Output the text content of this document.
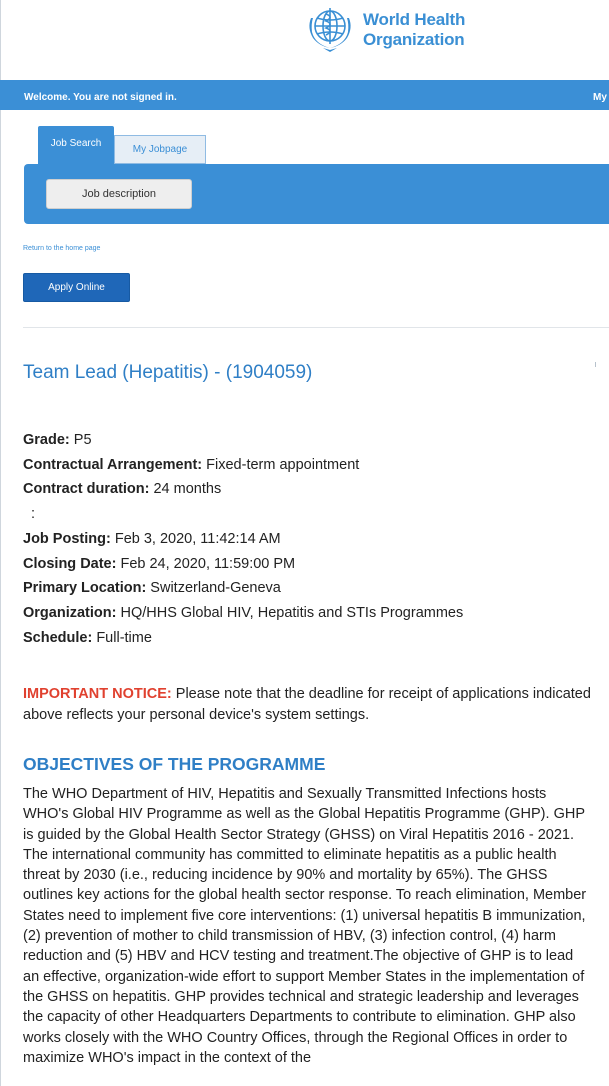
World Health
Organization
Welcome. You are not signed in.	My
Job Search
My Jobpage
Job description
Return to the home page
Apply Online
Team Lead (Hepatitis) - (1904059)
Grade: P5
Contractual Arrangement: Fixed-term appointment
Contract duration: 24 months
:
Job Posting: Feb 3, 2020, 11:42:14 AM
Closing Date: Feb 24, 2020, 11:59:00 PM
Primary Location: Switzerland-Geneva
Organization: HQ/HHS Global HIV, Hepatitis and STIs Programmes
Schedule: Full-time
IMPORTANT NOTICE: Please note that the deadline for receipt of applications indicated above reflects your personal device's system settings.
OBJECTIVES OF THE PROGRAMME
The WHO Department of HIV, Hepatitis and Sexually Transmitted Infections hosts WHO's Global HIV Programme as well as the Global Hepatitis Programme (GHP). GHP is guided by the Global Health Sector Strategy (GHSS) on Viral Hepatitis 2016 - 2021. The international community has committed to eliminate hepatitis as a public health threat by 2030 (i.e., reducing incidence by 90% and mortality by 65%). The GHSS outlines key actions for the global health sector response. To reach elimination, Member States need to implement five core interventions: (1) universal hepatitis B immunization, (2) prevention of mother to child transmission of HBV, (3) infection control, (4) harm reduction and (5) HBV and HCV testing and treatment.The objective of GHP is to lead an effective, organization-wide effort to support Member States in the implementation of the GHSS on hepatitis. GHP provides technical and strategic leadership and leverages the capacity of other Headquarters Departments to contribute to elimination. GHP also works closely with the WHO Country Offices, through the Regional Offices in order to maximize WHO's impact in the context of the
